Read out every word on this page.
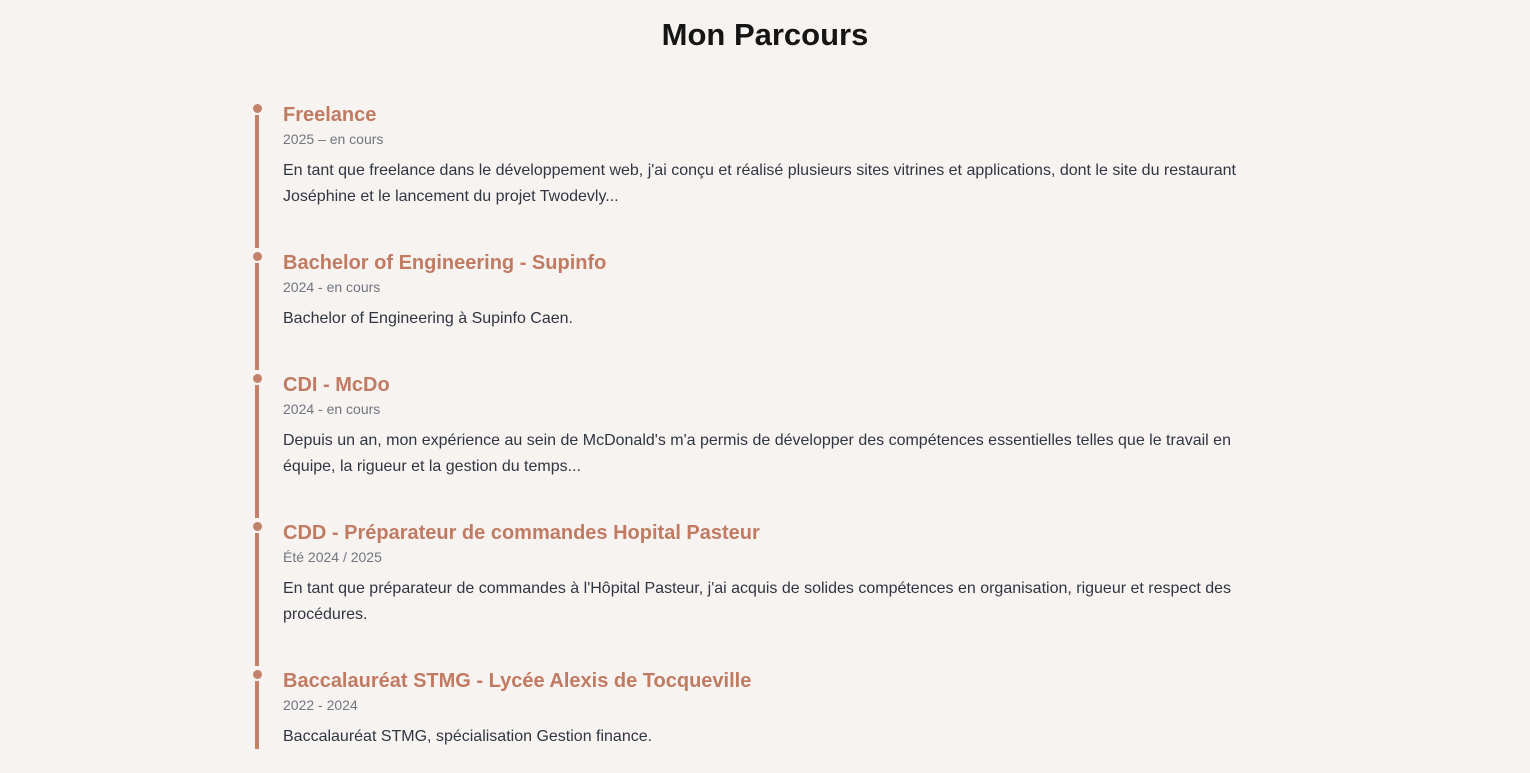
Mon Parcours
Freelance
2025 – en cours
En tant que freelance dans le développement web, j'ai conçu et réalisé plusieurs sites vitrines et applications, dont le site du restaurant Joséphine et le lancement du projet Twodevly...
Bachelor of Engineering - Supinfo
2024 - en cours
Bachelor of Engineering à Supinfo Caen.
CDI - McDo
2024 - en cours
Depuis un an, mon expérience au sein de McDonald's m'a permis de développer des compétences essentielles telles que le travail en équipe, la rigueur et la gestion du temps...
CDD - Préparateur de commandes Hopital Pasteur
Été 2024 / 2025
En tant que préparateur de commandes à l'Hôpital Pasteur, j'ai acquis de solides compétences en organisation, rigueur et respect des procédures.
Baccalauréat STMG - Lycée Alexis de Tocqueville
2022 - 2024
Baccalauréat STMG, spécialisation Gestion finance.
